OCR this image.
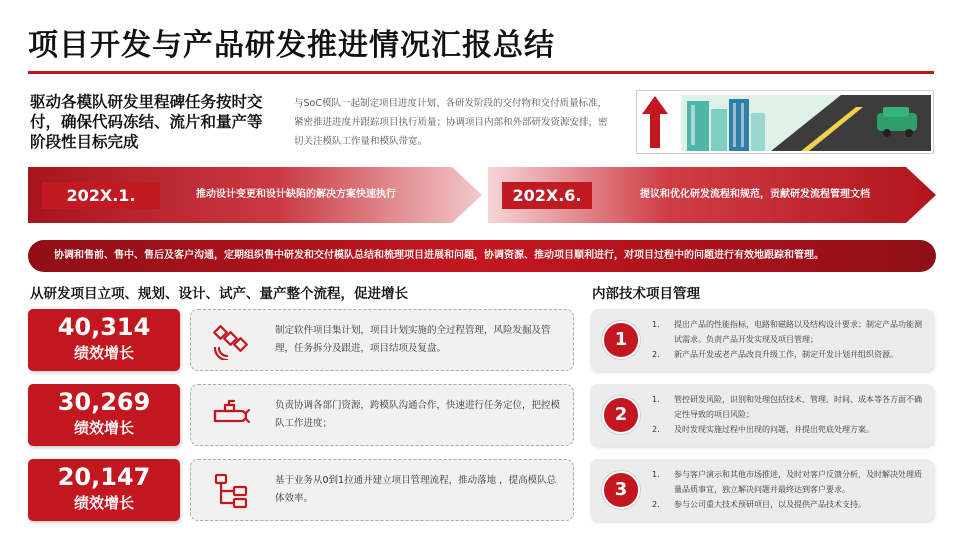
项目开发与产品研发推进情况汇报总结
驱动各模队研发里程碑任务按时交付，确保代码冻结、流片和量产等阶段性目标完成
与SoC模队一起制定项目进度计划、各研发阶段的交付物和交付质量标准，紧密推进进度并跟踪项目执行质量；协调项目内部和外部研发资源安排，密切关注模队工作量和模队带宽。
202X.1.	推动设计变更和设计缺陷的解决方案快速执行	202X.6.	提议和优化研发流程和规范，贡献研发流程管理文档
协调和售前、售中、售后及客户沟通，定期组织售中研发和交付模队总结和梳理项目进展和问题，协调资源、推动项目顺利进行，对项目过程中的问题进行有效地跟踪和管理。
从研发项目立项、规划、设计、试产、量产整个流程，促进增长	内部技术项目管理
40,314
绩效增长
制定软件项目集计划，项目计划实施的全过程管理，风险发掘及管理，任务拆分及跟进，项目结项及复盘。	1
1.	提出产品的性能指标，电路和磁路以及结构设计要求；制定产品功能测试需求。负责产品开发实现及项目管理；
2.	新产品开发或老产品改良升级工作，制定开发计划并组织资源。
30,269
绩效增长
负责协调各部门资源，跨模队沟通合作，快速进行任务定位，把控模队工作进度；	2
1.	管控研发风险，识别和处理包括技术、管理、时间、成本等各方面不确定性导致的项目风险；
2.	及时发现实施过程中出现的问题，并提出兜底处理方案。
20,147
绩效增长
基于业务从0到1拉通并建立项目管理流程，推动落地 ，提高模队总体效率。	3
1.	参与客户演示和其他市场推进，及时对客户反馈分析，及时解决处理质量品质事宜，独立解决问题并最终达到客户要求。
2.	参与公司重大技术预研项目，以及提供产品技术支持。
